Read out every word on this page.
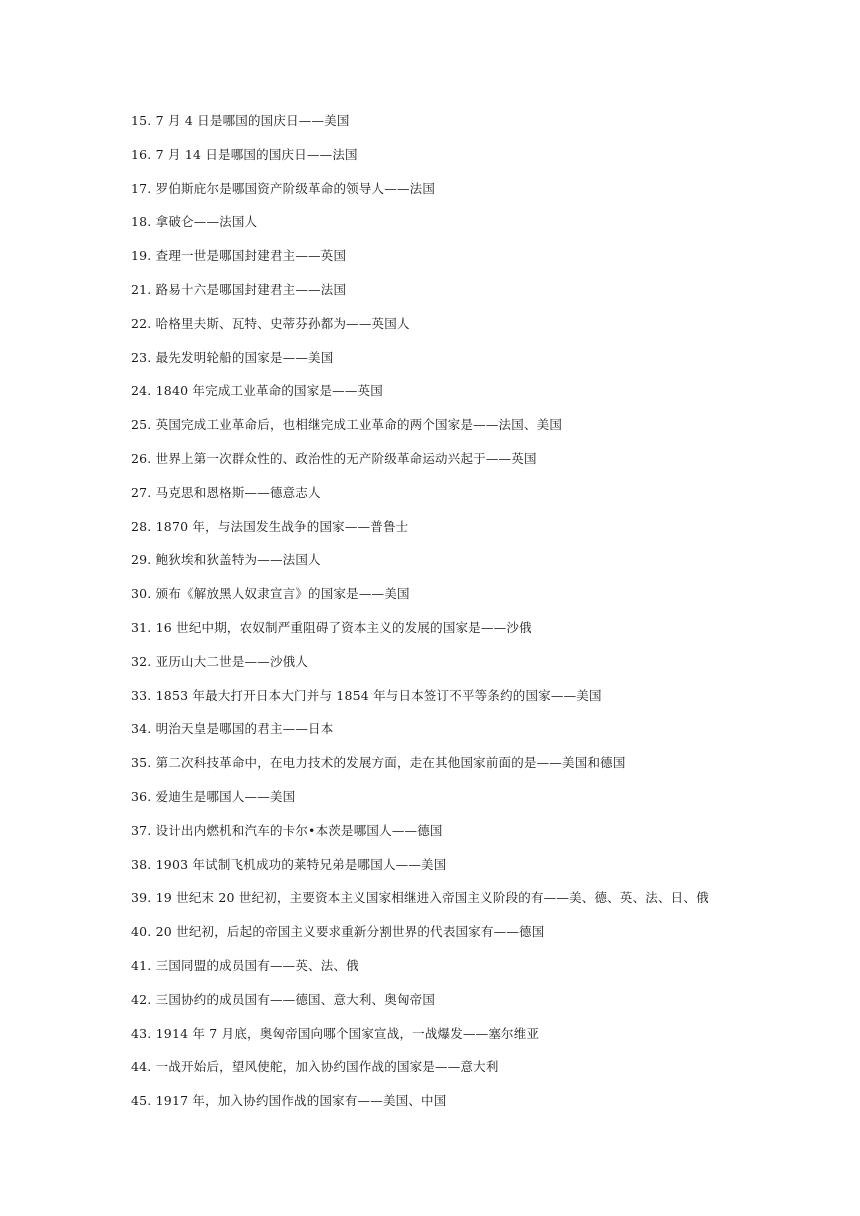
15. 7 月 4 日是哪国的国庆日——美国
16. 7 月 14 日是哪国的国庆日——法国
17. 罗伯斯庇尔是哪国资产阶级革命的领导人——法国
18. 拿破仑——法国人
19. 查理一世是哪国封建君主——英国
21. 路易十六是哪国封建君主——法国
22. 哈格里夫斯、瓦特、史蒂芬孙都为——英国人
23. 最先发明轮船的国家是——美国
24. 1840 年完成工业革命的国家是——英国
25. 英国完成工业革命后，也相继完成工业革命的两个国家是——法国、美国
26. 世界上第一次群众性的、政治性的无产阶级革命运动兴起于——英国
27. 马克思和恩格斯——德意志人
28. 1870 年，与法国发生战争的国家——普鲁士
29. 鲍狄埃和狄盖特为——法国人
30. 颁布《解放黑人奴隶宣言》的国家是——美国
31. 16 世纪中期，农奴制严重阻碍了资本主义的发展的国家是——沙俄
32. 亚历山大二世是——沙俄人
33. 1853 年最大打开日本大门并与 1854 年与日本签订不平等条约的国家——美国
34. 明治天皇是哪国的君主——日本
35. 第二次科技革命中，在电力技术的发展方面，走在其他国家前面的是——美国和德国
36. 爱迪生是哪国人——美国
37. 设计出内燃机和汽车的卡尔•本茨是哪国人——德国
38. 1903 年试制飞机成功的莱特兄弟是哪国人——美国
39. 19 世纪末 20 世纪初，主要资本主义国家相继进入帝国主义阶段的有——美、德、英、法、日、俄
40. 20 世纪初，后起的帝国主义要求重新分割世界的代表国家有——德国
41. 三国同盟的成员国有——英、法、俄
42. 三国协约的成员国有——德国、意大利、奥匈帝国
43. 1914 年 7 月底，奥匈帝国向哪个国家宣战，一战爆发——塞尔维亚
44. 一战开始后，望风使舵，加入协约国作战的国家是——意大利
45. 1917 年，加入协约国作战的国家有——美国、中国
